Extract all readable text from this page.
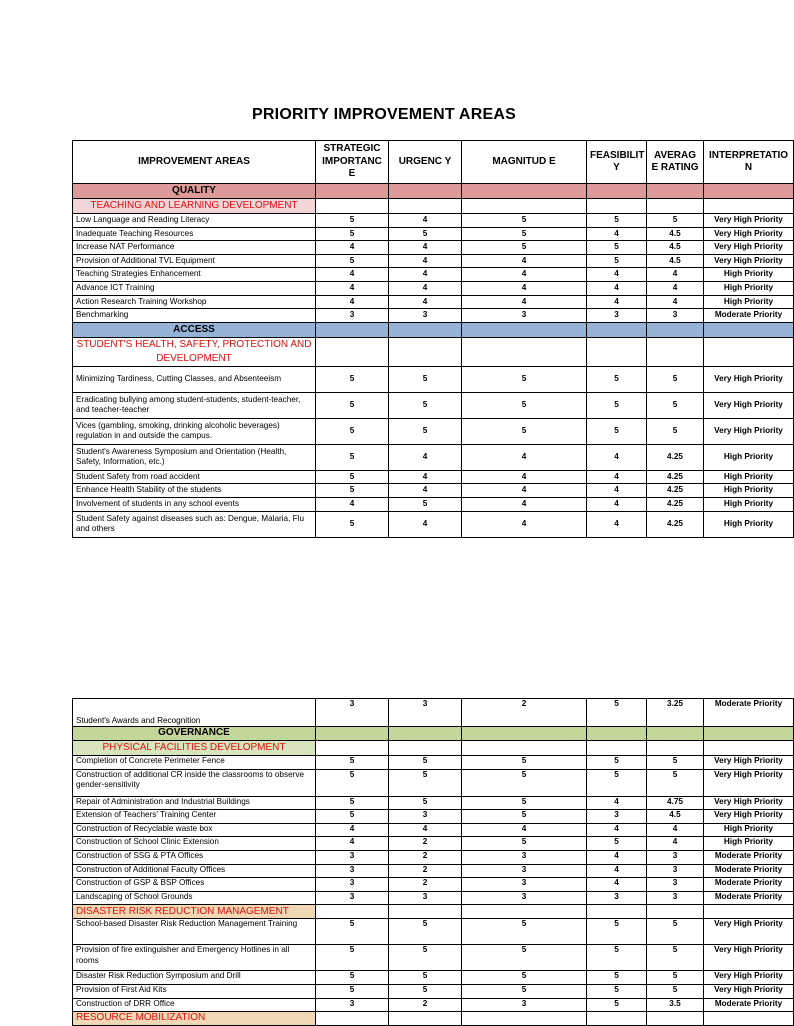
PRIORITY IMPROVEMENT AREAS
IMPROVEMENT AREAS	STRATEGIC IMPORTANC E	URGENC Y	MAGNITUD E	FEASIBILIT Y	AVERAG E RATING	INTERPRETATIO N
QUALITY						
TEACHING AND LEARNING DEVELOPMENT						
Low Language and Reading Literacy	5	4	5	5	5	Very High Priority
Inadequate Teaching Resources	5	5	5	4	4.5	Very High Priority
Increase NAT Performance	4	4	5	5	4.5	Very High Priority
Provision of Additional TVL Equipment	5	4	4	5	4.5	Very High Priority
Teaching Strategies Enhancement	4	4	4	4	4	High Priority
Advance ICT Training	4	4	4	4	4	High Priority
Action Research Training Workshop	4	4	4	4	4	High Priority
Benchmarking	3	3	3	3	3	Moderate Priority
ACCESS						
STUDENT'S HEALTH, SAFETY, PROTECTION AND DEVELOPMENT						
Minimizing Tardiness, Cutting Classes, and Absenteeism	5	5	5	5	5	Very High Priority
Eradicating bullying among student-students, student-teacher, and teacher-teacher	5	5	5	5	5	Very High Priority
Vices (gambling, smoking, drinking alcoholic beverages) regulation in and outside the campus.	5	5	5	5	5	Very High Priority
Student's Awareness Symposium and Orientation (Health, Safety, Information, etc.)	5	4	4	4	4.25	High Priority
Student Safety from road accident	5	4	4	4	4.25	High Priority
Enhance Health Stability of the students	5	4	4	4	4.25	High Priority
Involvement of students in any school events	4	5	4	4	4.25	High Priority
Student Safety against diseases such as: Dengue, Malaria, Flu and others	5	4	4	4	4.25	High Priority
Student's Awards and Recognition	3	3	2	5	3.25	Moderate Priority
GOVERNANCE						
PHYSICAL FACILITIES DEVELOPMENT						
Completion of Concrete Perimeter Fence	5	5	5	5	5	Very High Priority
Construction of additional CR inside the classrooms to observe gender-sensitivity	5	5	5	5	5	Very High Priority
Repair of Administration and Industrial Buildings	5	5	5	4	4.75	Very High Priority
Extension of Teachers' Training Center	5	3	5	3	4.5	Very High Priority
Construction of Recyclable waste box	4	4	4	4	4	High Priority
Construction of School Clinic Extension	4	2	5	5	4	High Priority
Construction of SSG & PTA Offices	3	2	3	4	3	Moderate Priority
Construction of Additional Faculty Offices	3	2	3	4	3	Moderate Priority
Construction of GSP & BSP Offices	3	2	3	4	3	Moderate Priority
Landscaping of School Grounds	3	3	3	3	3	Moderate Priority
DISASTER RISK REDUCTION MANAGEMENT						
School-based Disaster Risk Reduction Management Training	5	5	5	5	5	Very High Priority
Provision of fire extinguisher and Emergency Hotlines in all rooms	5	5	5	5	5	Very High Priority
Disaster Risk Reduction Symposium and Drill	5	5	5	5	5	Very High Priority
Provision of First Aid Kits	5	5	5	5	5	Very High Priority
Construction of DRR Office	3	2	3	5	3.5	Moderate Priority
RESOURCE MOBILIZATION						
